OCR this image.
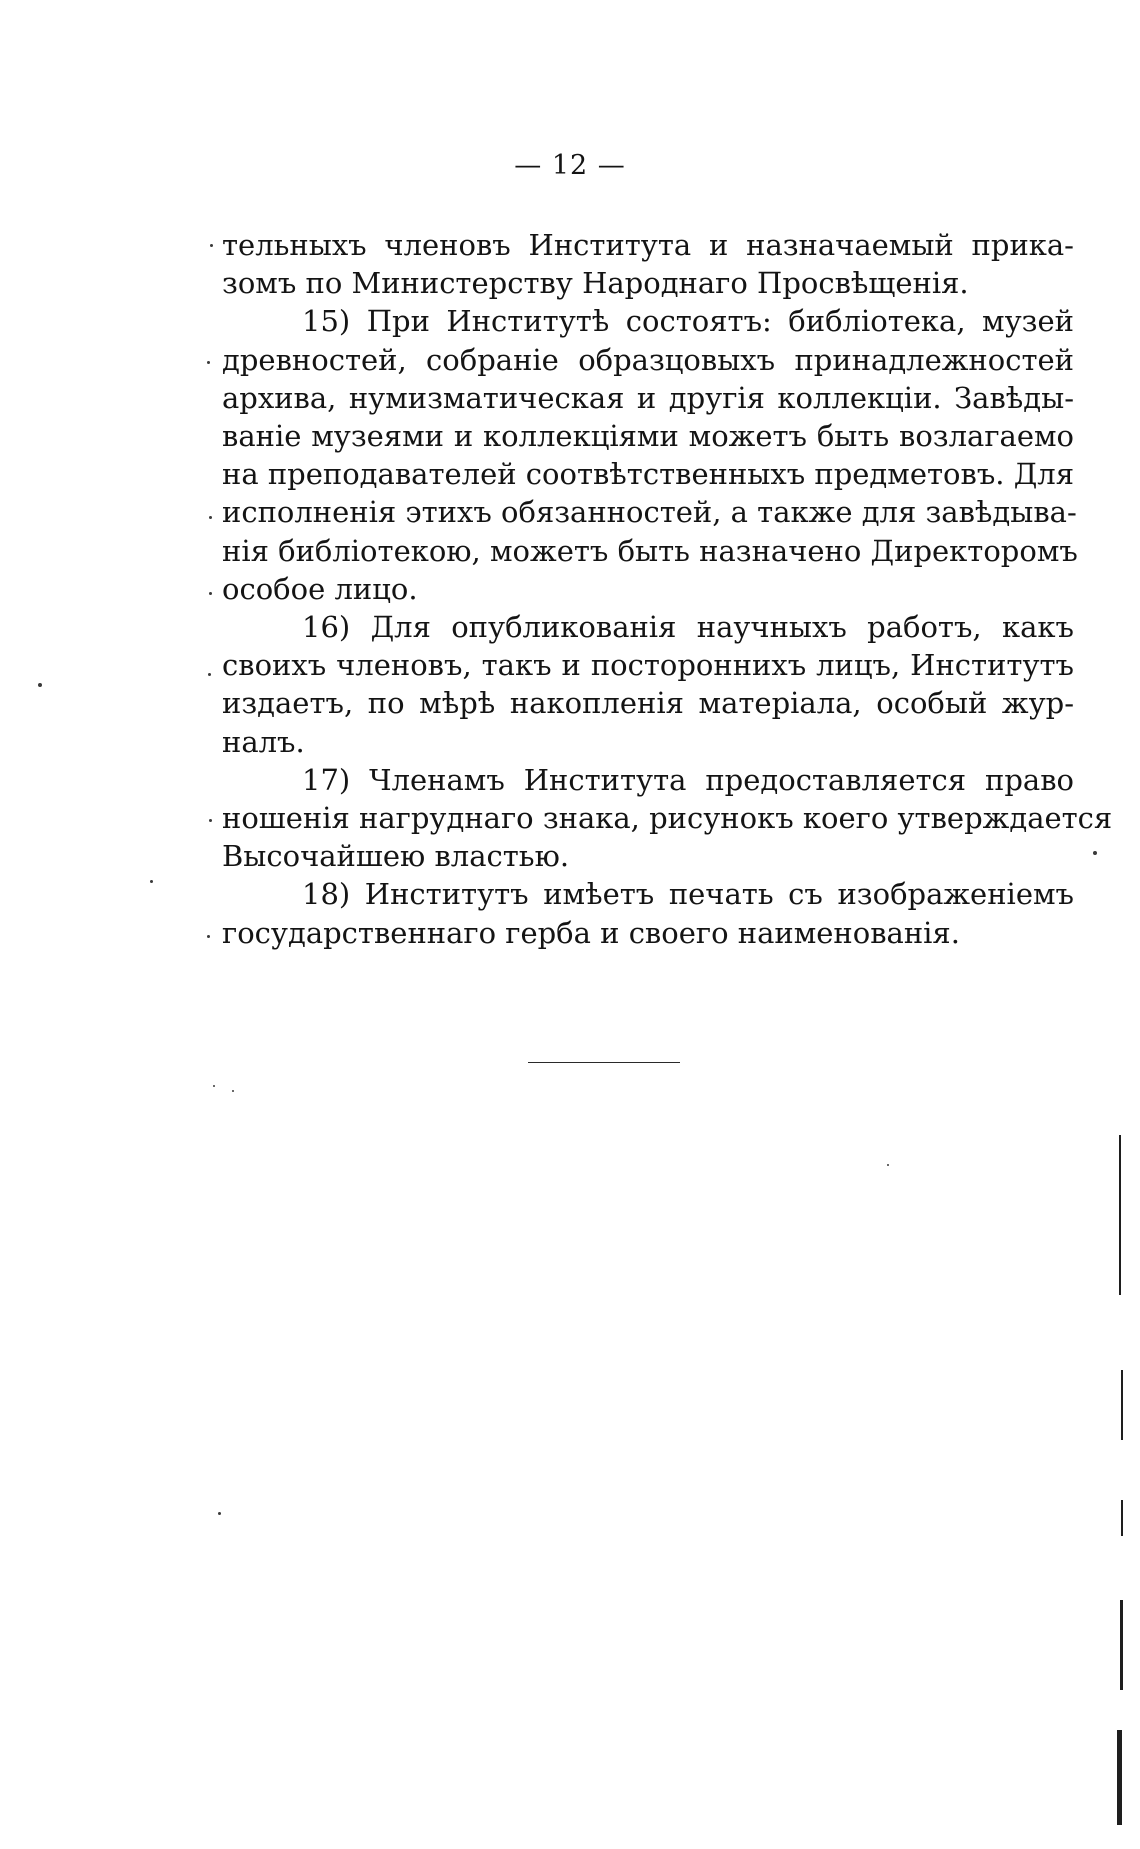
— 12 —

тельныхъ членовъ Института и назначаемый прика-
зомъ по Министерству Народнаго Просвѣщенія.

15) При Институтѣ состоятъ: библіотека, музей
древностей, собраніе образцовыхъ принадлежностей
архива, нумизматическая и другія коллекціи. Завѣды-
ваніе музеями и коллекціями можетъ быть возлагаемо
на преподавателей соотвѣтственныхъ предметовъ. Для
исполненія этихъ обязанностей, а также для завѣдыва-
нія библіотекою, можетъ быть назначено Директоромъ
особое лицо.

16) Для опубликованія научныхъ работъ, какъ
своихъ членовъ, такъ и постороннихъ лицъ, Институтъ
издаетъ, по мѣрѣ накопленія матеріала, особый жур-
налъ.

17) Членамъ Института предоставляется право
ношенія нагруднаго знака, рисунокъ коего утверждается
Высочайшею властью.

18) Институтъ имѣетъ печать съ изображеніемъ
государственнаго герба и своего наименованія.
